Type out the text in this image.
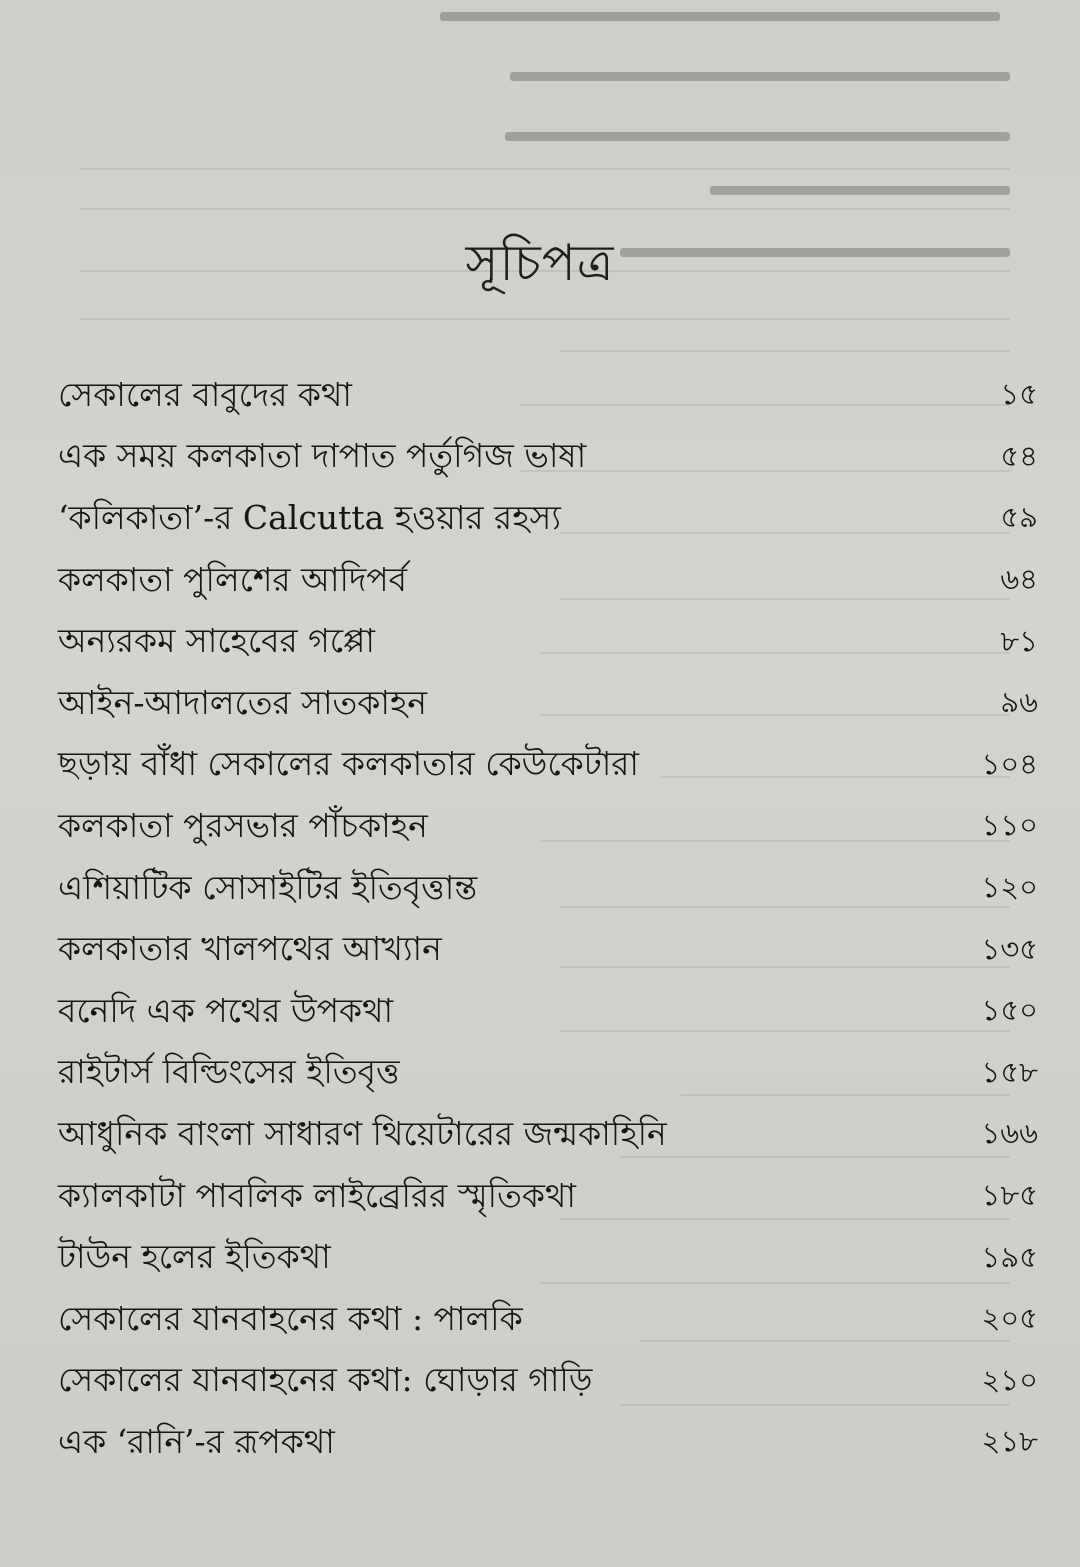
সূচিপত্র
সেকালের বাবুদের কথা	১৫
এক সময় কলকাতা দাপাত পর্তুগিজ ভাষা	৫৪
‘কলিকাতা’-র Calcutta হওয়ার রহস্য	৫৯
কলকাতা পুলিশের আদিপর্ব	৬৪
অন্যরকম সাহেবের গপ্পো	৮১
আইন-আদালতের সাতকাহন	৯৬
ছড়ায় বাঁধা সেকালের কলকাতার কেউকেটারা	১০৪
কলকাতা পুরসভার পাঁচকাহন	১১০
এশিয়াটিক সোসাইটির ইতিবৃত্তান্ত	১২০
কলকাতার খালপথের আখ্যান	১৩৫
বনেদি এক পথের উপকথা	১৫০
রাইটার্স বিল্ডিংসের ইতিবৃত্ত	১৫৮
আধুনিক বাংলা সাধারণ থিয়েটারের জন্মকাহিনি	১৬৬
ক্যালকাটা পাবলিক লাইব্রেরির স্মৃতিকথা	১৮৫
টাউন হলের ইতিকথা	১৯৫
সেকালের যানবাহনের কথা : পালকি	২০৫
সেকালের যানবাহনের কথা: ঘোড়ার গাড়ি	২১০
এক ‘রানি’-র রূপকথা	২১৮
